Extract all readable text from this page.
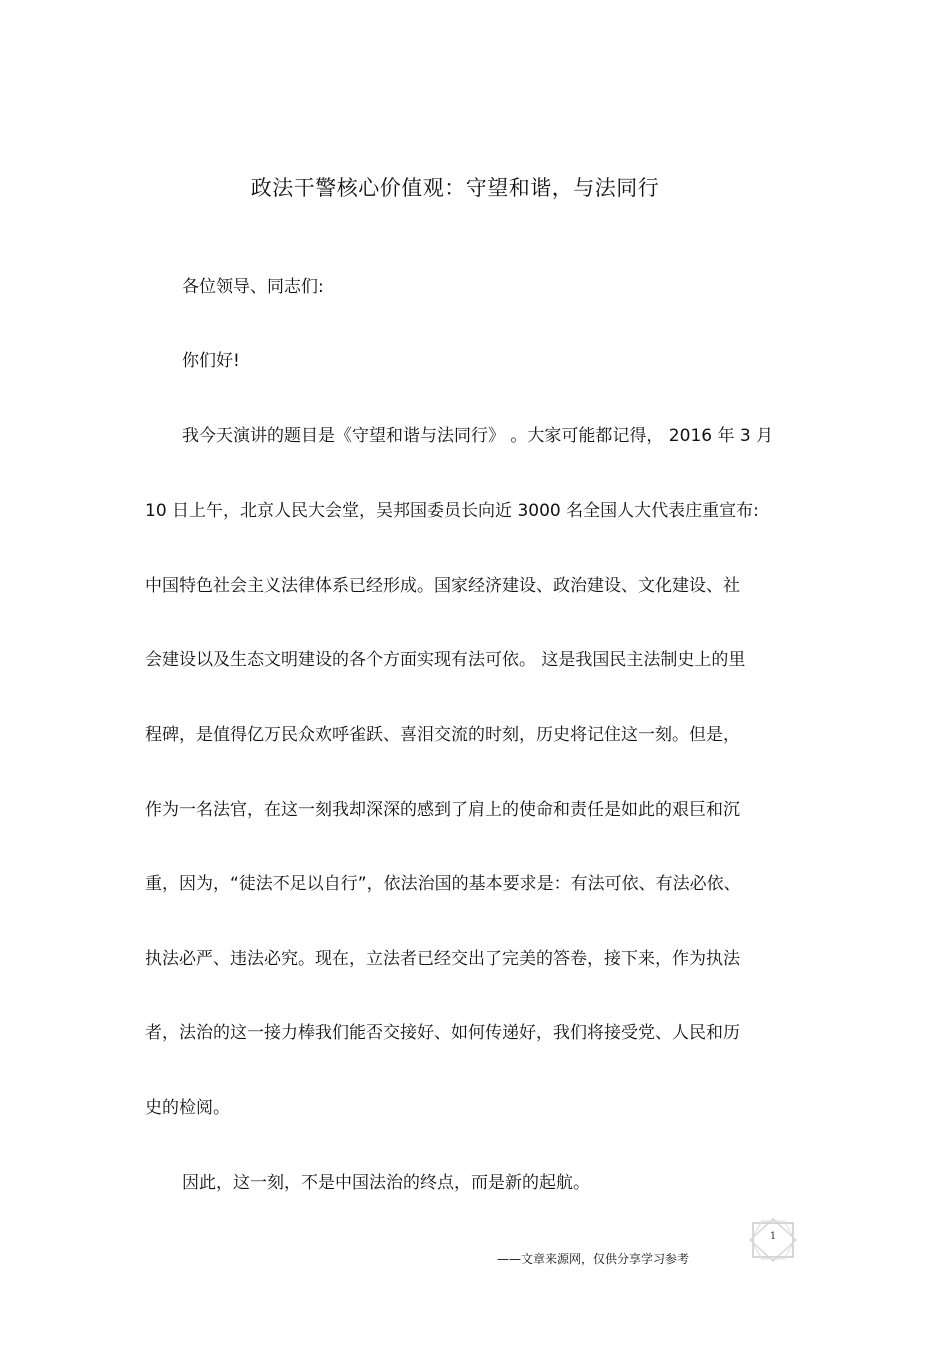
政法干警核心价值观：守望和谐，与法同行
各位领导、同志们:
你们好!
我今天演讲的题目是《守望和谐与法同行》 。大家可能都记得， 2016 年 3 月
10 日上午，北京人民大会堂，吴邦国委员长向近 3000 名全国人大代表庄重宣布:
中国特色社会主义法律体系已经形成。国家经济建设、政治建设、文化建设、社
会建设以及生态文明建设的各个方面实现有法可依。 这是我国民主法制史上的里
程碑，是值得亿万民众欢呼雀跃、喜泪交流的时刻，历史将记住这一刻。但是，
作为一名法官，在这一刻我却深深的感到了肩上的使命和责任是如此的艰巨和沉
重，因为，“徒法不足以自行”，依法治国的基本要求是：有法可依、有法必依、
执法必严、违法必究。现在，立法者已经交出了完美的答卷，接下来，作为执法
者，法治的这一接力棒我们能否交接好、如何传递好，我们将接受党、人民和历
史的检阅。
因此，这一刻，不是中国法治的终点，而是新的起航。
1
——文章来源网，仅供分享学习参考
